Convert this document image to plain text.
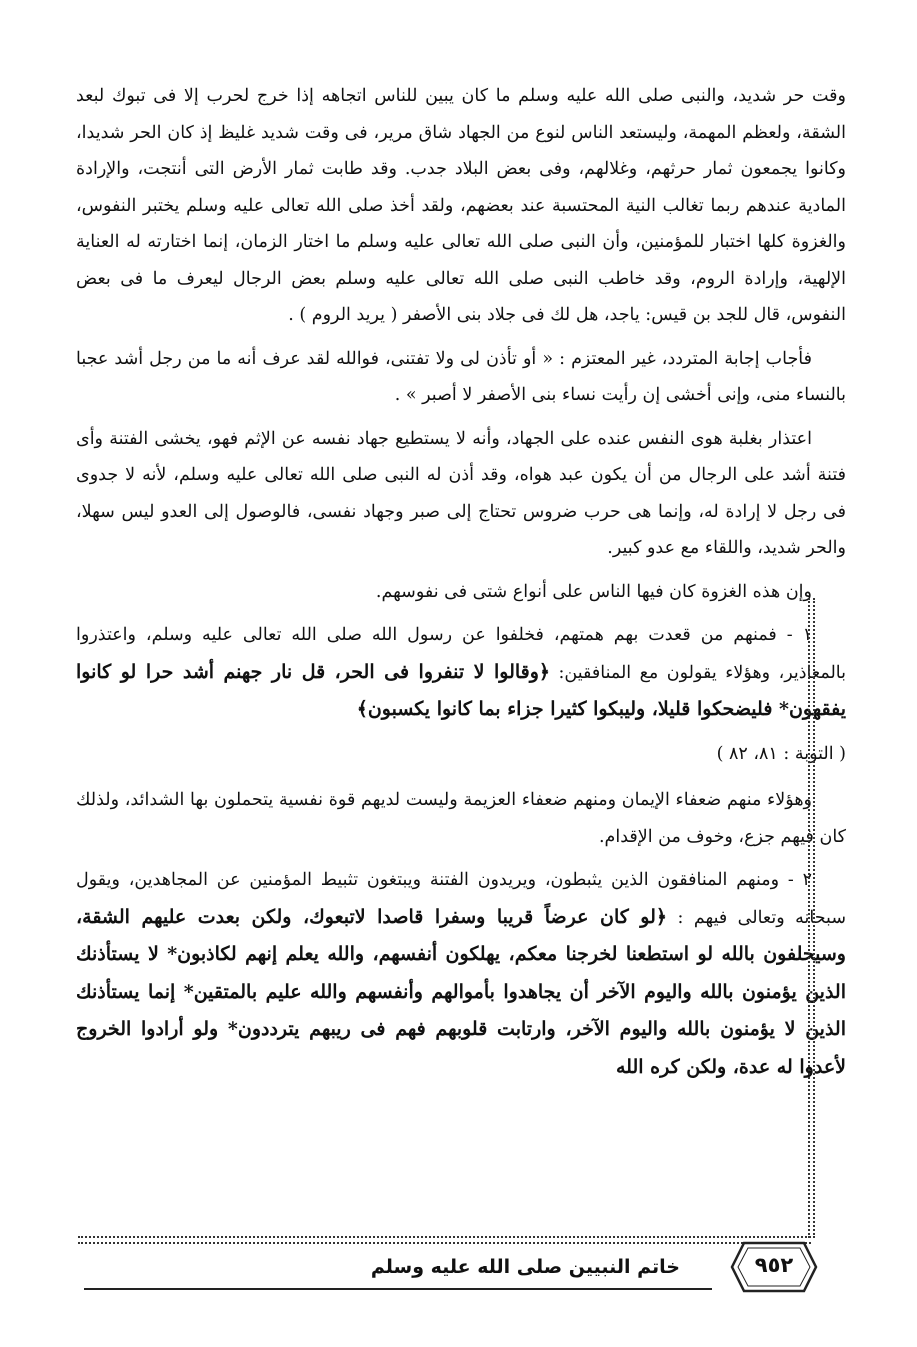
وقت حر شديد، والنبى صلى الله عليه وسلم ما كان يبين للناس اتجاهه إذا خرج لحرب إلا فى تبوك لبعد الشقة، ولعظم المهمة، وليستعد الناس لنوع من الجهاد شاق مرير، فى وقت شديد غليظ إذ كان الحر شديدا، وكانوا يجمعون ثمار حرثهم، وغلالهم، وفى بعض البلاد جدب. وقد طابت ثمار الأرض التى أنتجت، والإرادة المادية عندهم ربما تغالب النية المحتسبة عند بعضهم، ولقد أخذ صلى الله تعالى عليه وسلم يختبر النفوس، والغزوة كلها اختبار للمؤمنين، وأن النبى صلى الله تعالى عليه وسلم ما اختار الزمان، إنما اختارته له العناية الإلهية، وإرادة الروم، وقد خاطب النبى صلى الله تعالى عليه وسلم بعض الرجال ليعرف ما فى بعض النفوس، قال للجد بن قيس: ياجد، هل لك فى جلاد بنى الأصفر ( يريد الروم ) .

فأجاب إجابة المتردد، غير المعتزم : « أو تأذن لى ولا تفتنى، فوالله لقد عرف أنه ما من رجل أشد عجبا بالنساء منى، وإنى أخشى إن رأيت نساء بنى الأصفر لا أصبر » .

اعتذار بغلبة هوى النفس عنده على الجهاد، وأنه لا يستطيع جهاد نفسه عن الإثم فهو، يخشى الفتنة وأى فتنة أشد على الرجال من أن يكون عبد هواه، وقد أذن له النبى صلى الله تعالى عليه وسلم، لأنه لا جدوى فى رجل لا إرادة له، وإنما هى حرب ضروس تحتاج إلى صبر وجهاد نفسى، فالوصول إلى العدو ليس سهلا، والحر شديد، واللقاء مع عدو كبير.

وإن هذه الغزوة كان فيها الناس على أنواع شتى فى نفوسهم.

١ - فمنهم من قعدت بهم همتهم، فخلفوا عن رسول الله صلى الله تعالى عليه وسلم، واعتذروا بالمعاذير، وهؤلاء يقولون مع المنافقين: ﴿وقالوا لا تنفروا فى الحر، قل نار جهنم أشد حرا لو كانوا يفقهون* فليضحكوا قليلا، وليبكوا كثيرا جزاء بما كانوا يكسبون﴾

( التوبة : ٨١، ٨٢ )

وهؤلاء منهم ضعفاء الإيمان ومنهم ضعفاء العزيمة وليست لديهم قوة نفسية يتحملون بها الشدائد، ولذلك كان فيهم جزع، وخوف من الإقدام.

٢ - ومنهم المنافقون الذين يثبطون، ويريدون الفتنة ويبتغون تثبيط المؤمنين عن المجاهدين، ويقول سبحانه وتعالى فيهم : ﴿لو كان عرضاً قريبا وسفرا قاصدا لاتبعوك، ولكن بعدت عليهم الشقة، وسيحلفون بالله لو استطعنا لخرجنا معكم، يهلكون أنفسهم، والله يعلم إنهم لكاذبون* لا يستأذنك الذين يؤمنون بالله واليوم الآخر أن يجاهدوا بأموالهم وأنفسهم والله عليم بالمتقين* إنما يستأذنك الذين لا يؤمنون بالله واليوم الآخر، وارتابت قلوبهم فهم فى ريبهم يترددون* ولو أرادوا الخروج لأعدوا له عدة، ولكن كره الله

خاتم النبيين صلى الله عليه وسلم	٩٥٢
